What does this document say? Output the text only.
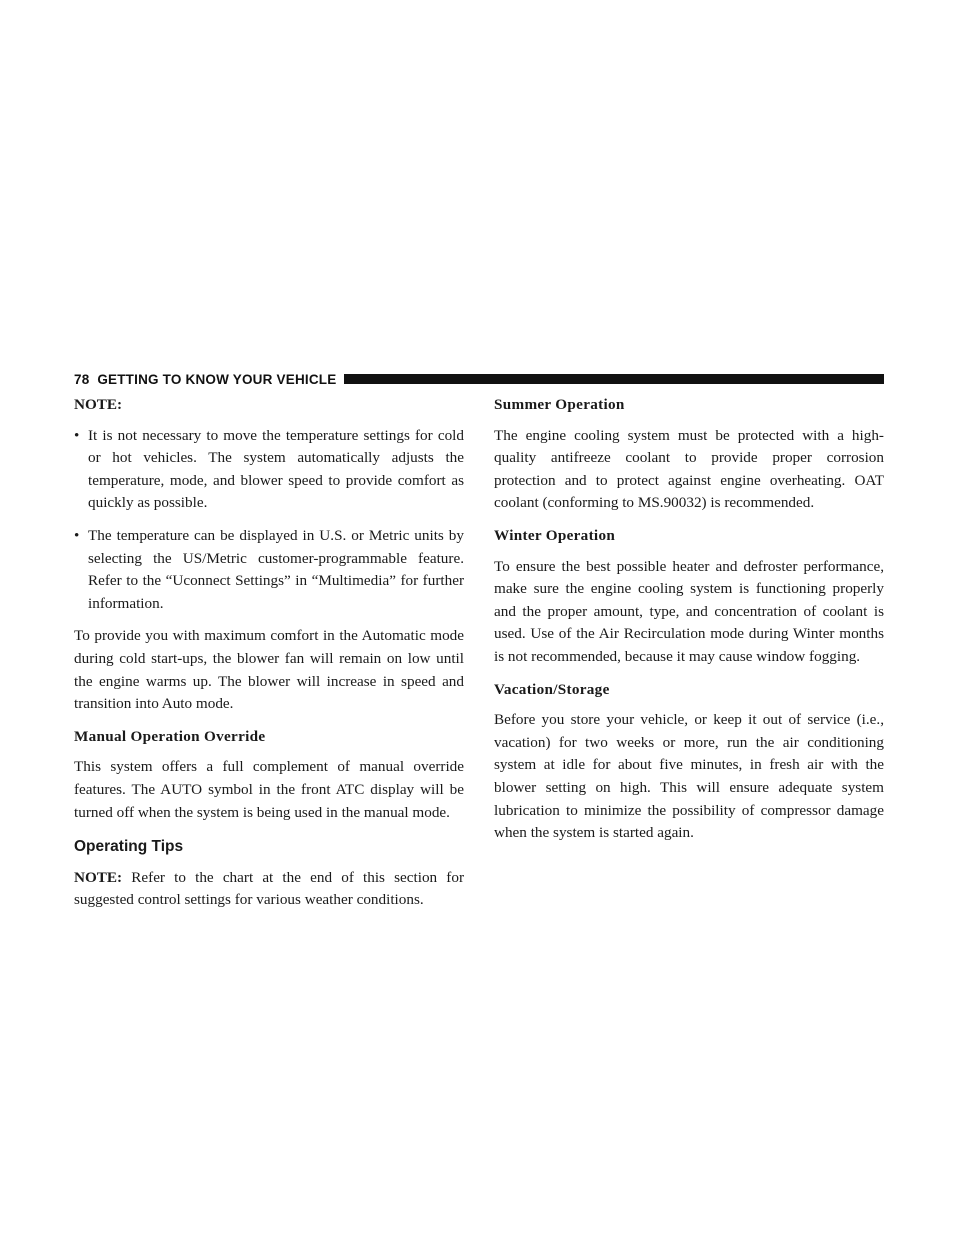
78 GETTING TO KNOW YOUR VEHICLE
NOTE:
• It is not necessary to move the temperature settings for cold or hot vehicles. The system automatically adjusts the temperature, mode, and blower speed to provide comfort as quickly as possible.
• The temperature can be displayed in U.S. or Metric units by selecting the US/Metric customer-programmable feature. Refer to the “Uconnect Settings” in “Multimedia” for further information.

To provide you with maximum comfort in the Automatic mode during cold start-ups, the blower fan will remain on low until the engine warms up. The blower will increase in speed and transition into Auto mode.

Manual Operation Override

This system offers a full complement of manual override features. The AUTO symbol in the front ATC display will be turned off when the system is being used in the manual mode.

Operating Tips

NOTE: Refer to the chart at the end of this section for suggested control settings for various weather conditions.

Summer Operation

The engine cooling system must be protected with a high-quality antifreeze coolant to provide proper corrosion protection and to protect against engine overheating. OAT coolant (conforming to MS.90032) is recommended.

Winter Operation

To ensure the best possible heater and defroster performance, make sure the engine cooling system is functioning properly and the proper amount, type, and concentration of coolant is used. Use of the Air Recirculation mode during Winter months is not recommended, because it may cause window fogging.

Vacation/Storage

Before you store your vehicle, or keep it out of service (i.e., vacation) for two weeks or more, run the air conditioning system at idle for about five minutes, in fresh air with the blower setting on high. This will ensure adequate system lubrication to minimize the possibility of compressor damage when the system is started again.
